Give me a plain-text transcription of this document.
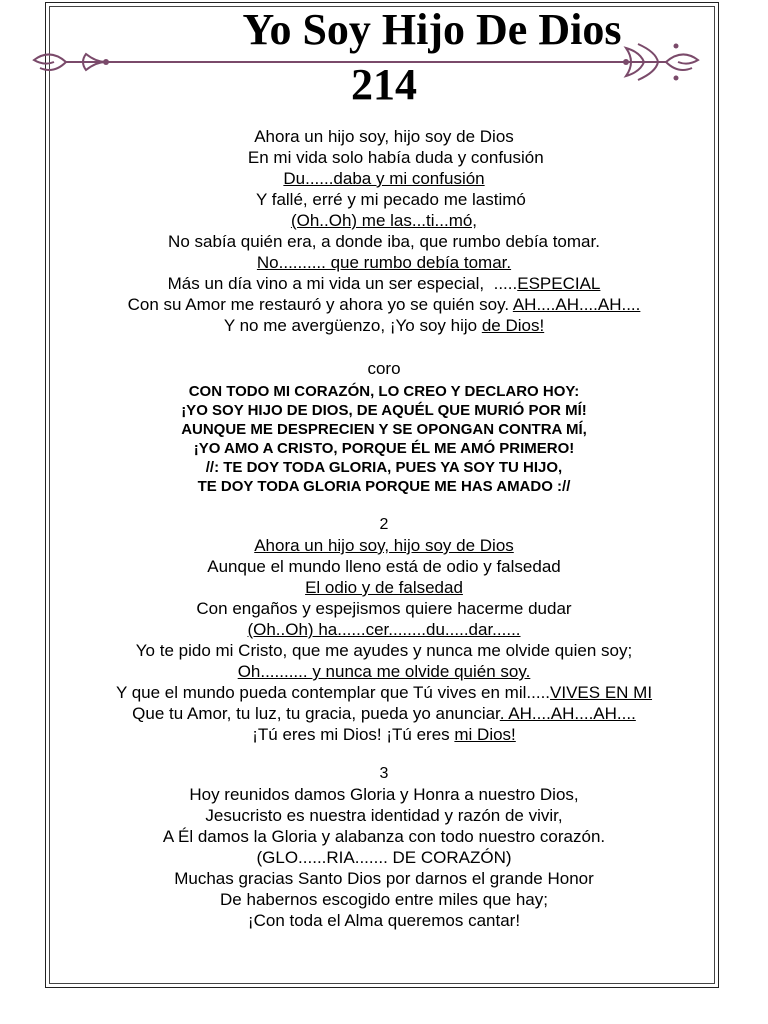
Yo Soy Hijo De Dios
214
Ahora un hijo soy, hijo soy de Dios
En mi vida solo había duda y confusión
Du......daba y mi confusión
Y fallé, erré y mi pecado me lastimó
(Oh..Oh) me las...ti...mó,
No sabía quién era, a donde iba, que rumbo debía tomar.
No.......... que rumbo debía tomar.
Más un día vino a mi vida un ser especial,  .....ESPECIAL
Con su Amor me restauró y ahora yo se quién soy. AH....AH....AH....
Y no me avergüenzo, ¡Yo soy hijo de Dios!
coro
CON TODO MI CORAZÓN, LO CREO Y DECLARO HOY:
¡YO SOY HIJO DE DIOS, DE AQUÉL QUE MURIÓ POR MÍ!
AUNQUE ME DESPRECIEN Y SE OPONGAN CONTRA MÍ,
¡YO AMO A CRISTO, PORQUE ÉL ME AMÓ PRIMERO!
//: TE DOY TODA GLORIA, PUES YA SOY TU HIJO,
TE DOY TODA GLORIA PORQUE ME HAS AMADO ://
2
Ahora un hijo soy, hijo soy de Dios
Aunque el mundo lleno está de odio y falsedad
El odio y de falsedad
Con engaños y espejismos quiere hacerme dudar
(Oh..Oh) ha......cer........du.....dar......
Yo te pido mi Cristo, que me ayudes y nunca me olvide quien soy;
Oh.......... y nunca me olvide quién soy.
Y que el mundo pueda contemplar que Tú vives en mil.....VIVES EN MI
Que tu Amor, tu luz, tu gracia, pueda yo anunciar. AH....AH....AH....
¡Tú eres mi Dios! ¡Tú eres mi Dios!
3
Hoy reunidos damos Gloria y Honra a nuestro Dios,
Jesucristo es nuestra identidad y razón de vivir,
A Él damos la Gloria y alabanza con todo nuestro corazón.
(GLO......RIA....... DE CORAZÓN)
Muchas gracias Santo Dios por darnos el grande Honor
De habernos escogido entre miles que hay;
¡Con toda el Alma queremos cantar!
